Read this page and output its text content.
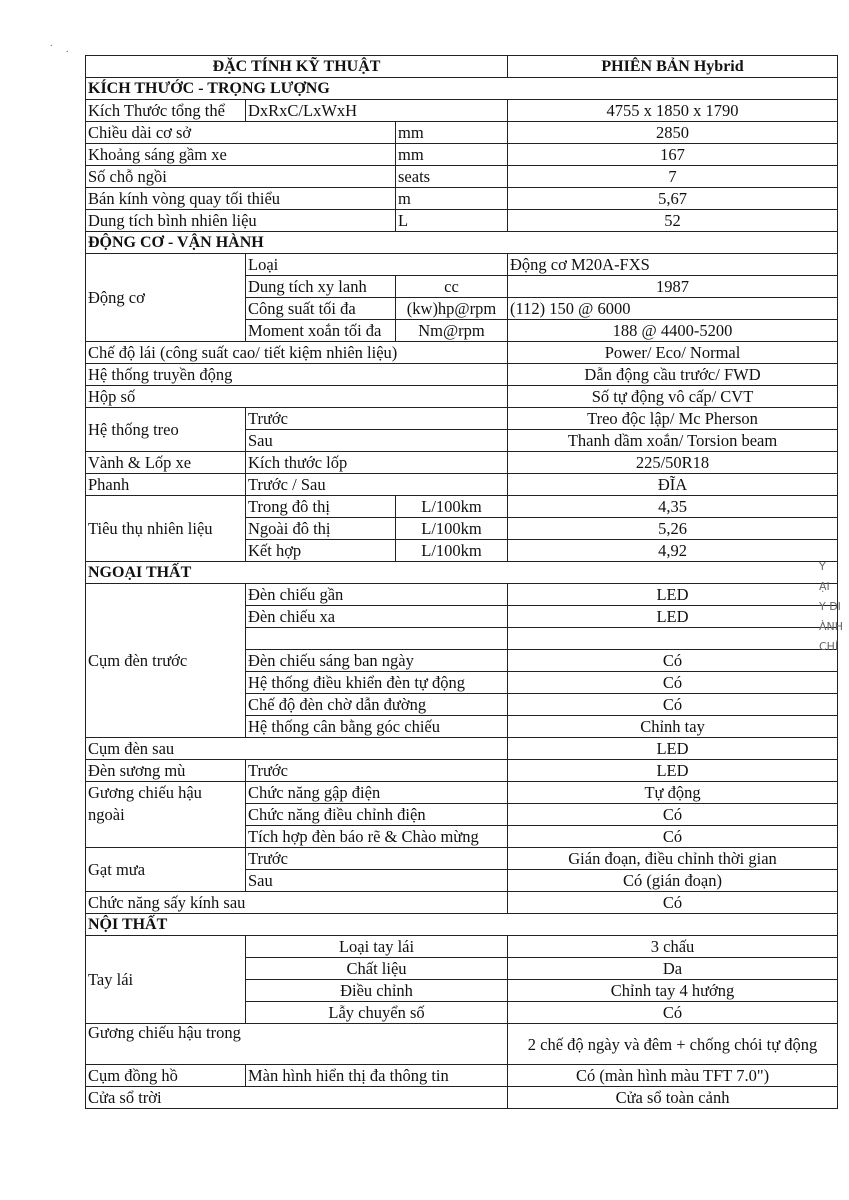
.
.
ĐẶC TÍNH KỸ THUẬT			PHIÊN BẢN Hybrid
KÍCH THƯỚC - TRỌNG LƯỢNG			
Kích Thước tổng thể	DxRxC/LxWxH		4755 x 1850 x 1790
Chiều dài cơ sở		mm	2850
Khoảng sáng gầm xe		mm	167
Số chỗ ngồi		seats	7
Bán kính vòng quay tối thiểu		m	5,67
Dung tích bình nhiên liệu		L	52
ĐỘNG CƠ - VẬN HÀNH			
Động cơ	Loại		Động cơ M20A-FXS
	Dung tích xy lanh	cc	1987
	Công suất tối đa	(kw)hp@rpm	(112) 150 @ 6000
	Moment xoắn tối đa	Nm@rpm	188 @ 4400-5200
Chế độ lái (công suất cao/ tiết kiệm nhiên liệu)			Power/ Eco/ Normal
Hệ thống truyền động			Dẫn động cầu trước/ FWD
Hộp số			Số tự động vô cấp/ CVT
Hệ thống treo	Trước		Treo độc lập/ Mc Pherson
	Sau		Thanh dầm xoắn/ Torsion beam
Vành & Lốp xe	Kích thước lốp		225/50R18
Phanh	Trước / Sau		ĐĨA
Tiêu thụ nhiên liệu	Trong đô thị	L/100km	4,35
	Ngoài đô thị	L/100km	5,26
	Kết hợp	L/100km	4,92
NGOẠI THẤT			
Cụm đèn trước	Đèn chiếu gần		LED
	Đèn chiếu xa		LED

	Đèn chiếu sáng ban ngày		Có
	Hệ thống điều khiển đèn tự động		Có
	Chế độ đèn chờ dẫn đường		Có
	Hệ thống cân bằng góc chiếu		Chỉnh tay
Cụm đèn sau			LED
Đèn sương mù	Trước		LED
Gương chiếu hậu	Chức năng gập điện		Tự động
ngoài	Chức năng điều chỉnh điện		Có
	Tích hợp đèn báo rẽ & Chào mừng		Có
Gạt mưa	Trước		Gián đoạn, điều chỉnh thời gian
	Sau		Có (gián đoạn)
Chức năng sấy kính sau			Có
NỘI THẤT			
Tay lái	Loại tay lái		3 chấu
	Chất liệu		Da
	Điều chỉnh		Chỉnh tay 4 hướng
	Lẫy chuyển số		Có
Gương chiếu hậu trong			2 chế độ ngày và đêm + chống chói tự động
Cụm đồng hồ	Màn hình hiển thị đa thông tin		Có (màn hình màu TFT 7.0")
Cửa sổ trời			Cửa sổ toàn cảnh
Y
ẠI
Y DI
ÀNH
CHÍ
